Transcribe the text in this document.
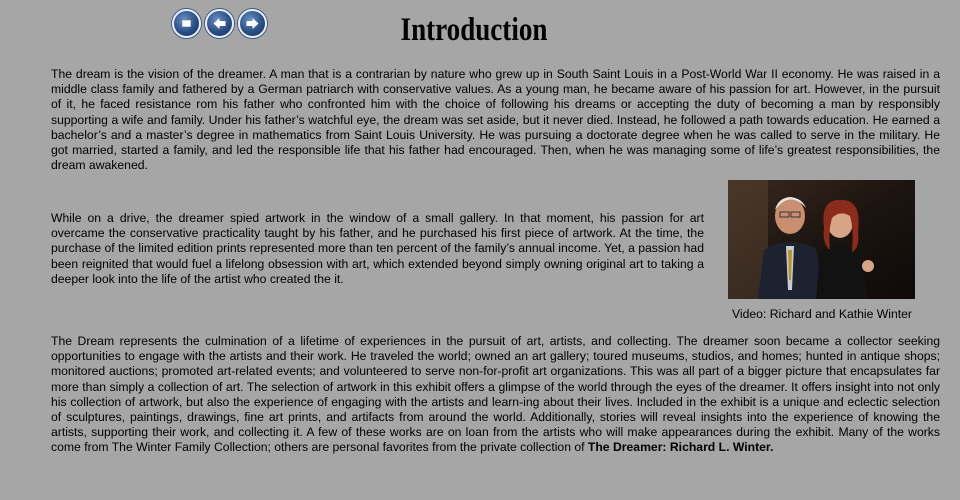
Introduction

The dream is the vision of the dreamer. A man that is a contrarian by nature who grew up in South Saint Louis in a Post-World War II economy. He was raised in a middle class family and fathered by a German patriarch with conservative values. As a young man, he became aware of his passion for art. However, in the pursuit of it, he faced resistance rom his father who confronted him with the choice of following his dreams or accepting the duty of becoming a man by responsibly supporting a wife and family. Under his father’s watchful eye, the dream was set aside, but it never died. Instead, he followed a path towards education. He earned a bachelor’s and a master’s degree in mathematics from Saint Louis University. He was pursuing a doctorate degree when he was called to serve in the military. He got married, started a family, and led the responsible life that his father had encouraged. Then, when he was managing some of life’s greatest responsibilities, the dream awakened.

While on a drive, the dreamer spied artwork in the window of a small gallery. In that moment, his passion for art overcame the conservative practicality taught by his father, and he purchased his first piece of artwork. At the time, the purchase of the limited edition prints represented more than ten percent of the family’s annual income. Yet, a passion had been reignited that would fuel a lifelong obsession with art, which extended beyond simply owning original art to taking a deeper look into the life of the artist who created the it.

Video: Richard and Kathie Winter

The Dream represents the culmination of a lifetime of experiences in the pursuit of art, artists, and collecting. The dreamer soon became a collector seeking opportunities to engage with the artists and their work. He traveled the world; owned an art gallery; toured museums, studios, and homes; hunted in antique shops; monitored auctions; promoted art-related events; and volunteered to serve non-for-profit art organizations. This was all part of a bigger picture that encapsulates far more than simply a collection of art. The selection of artwork in this exhibit offers a glimpse of the world through the eyes of the dreamer. It offers insight into not only his collection of artwork, but also the experience of engaging with the artists and learn-ing about their lives. Included in the exhibit is a unique and eclectic selection of sculptures, paintings, drawings, fine art prints, and artifacts from around the world. Additionally, stories will reveal insights into the experience of knowing the artists, supporting their work, and collecting it. A few of these works are on loan from the artists who will make appearances during the exhibit. Many of the works come from The Winter Family Collection; others are personal favorites from the private collection of The Dreamer: Richard L. Winter.
